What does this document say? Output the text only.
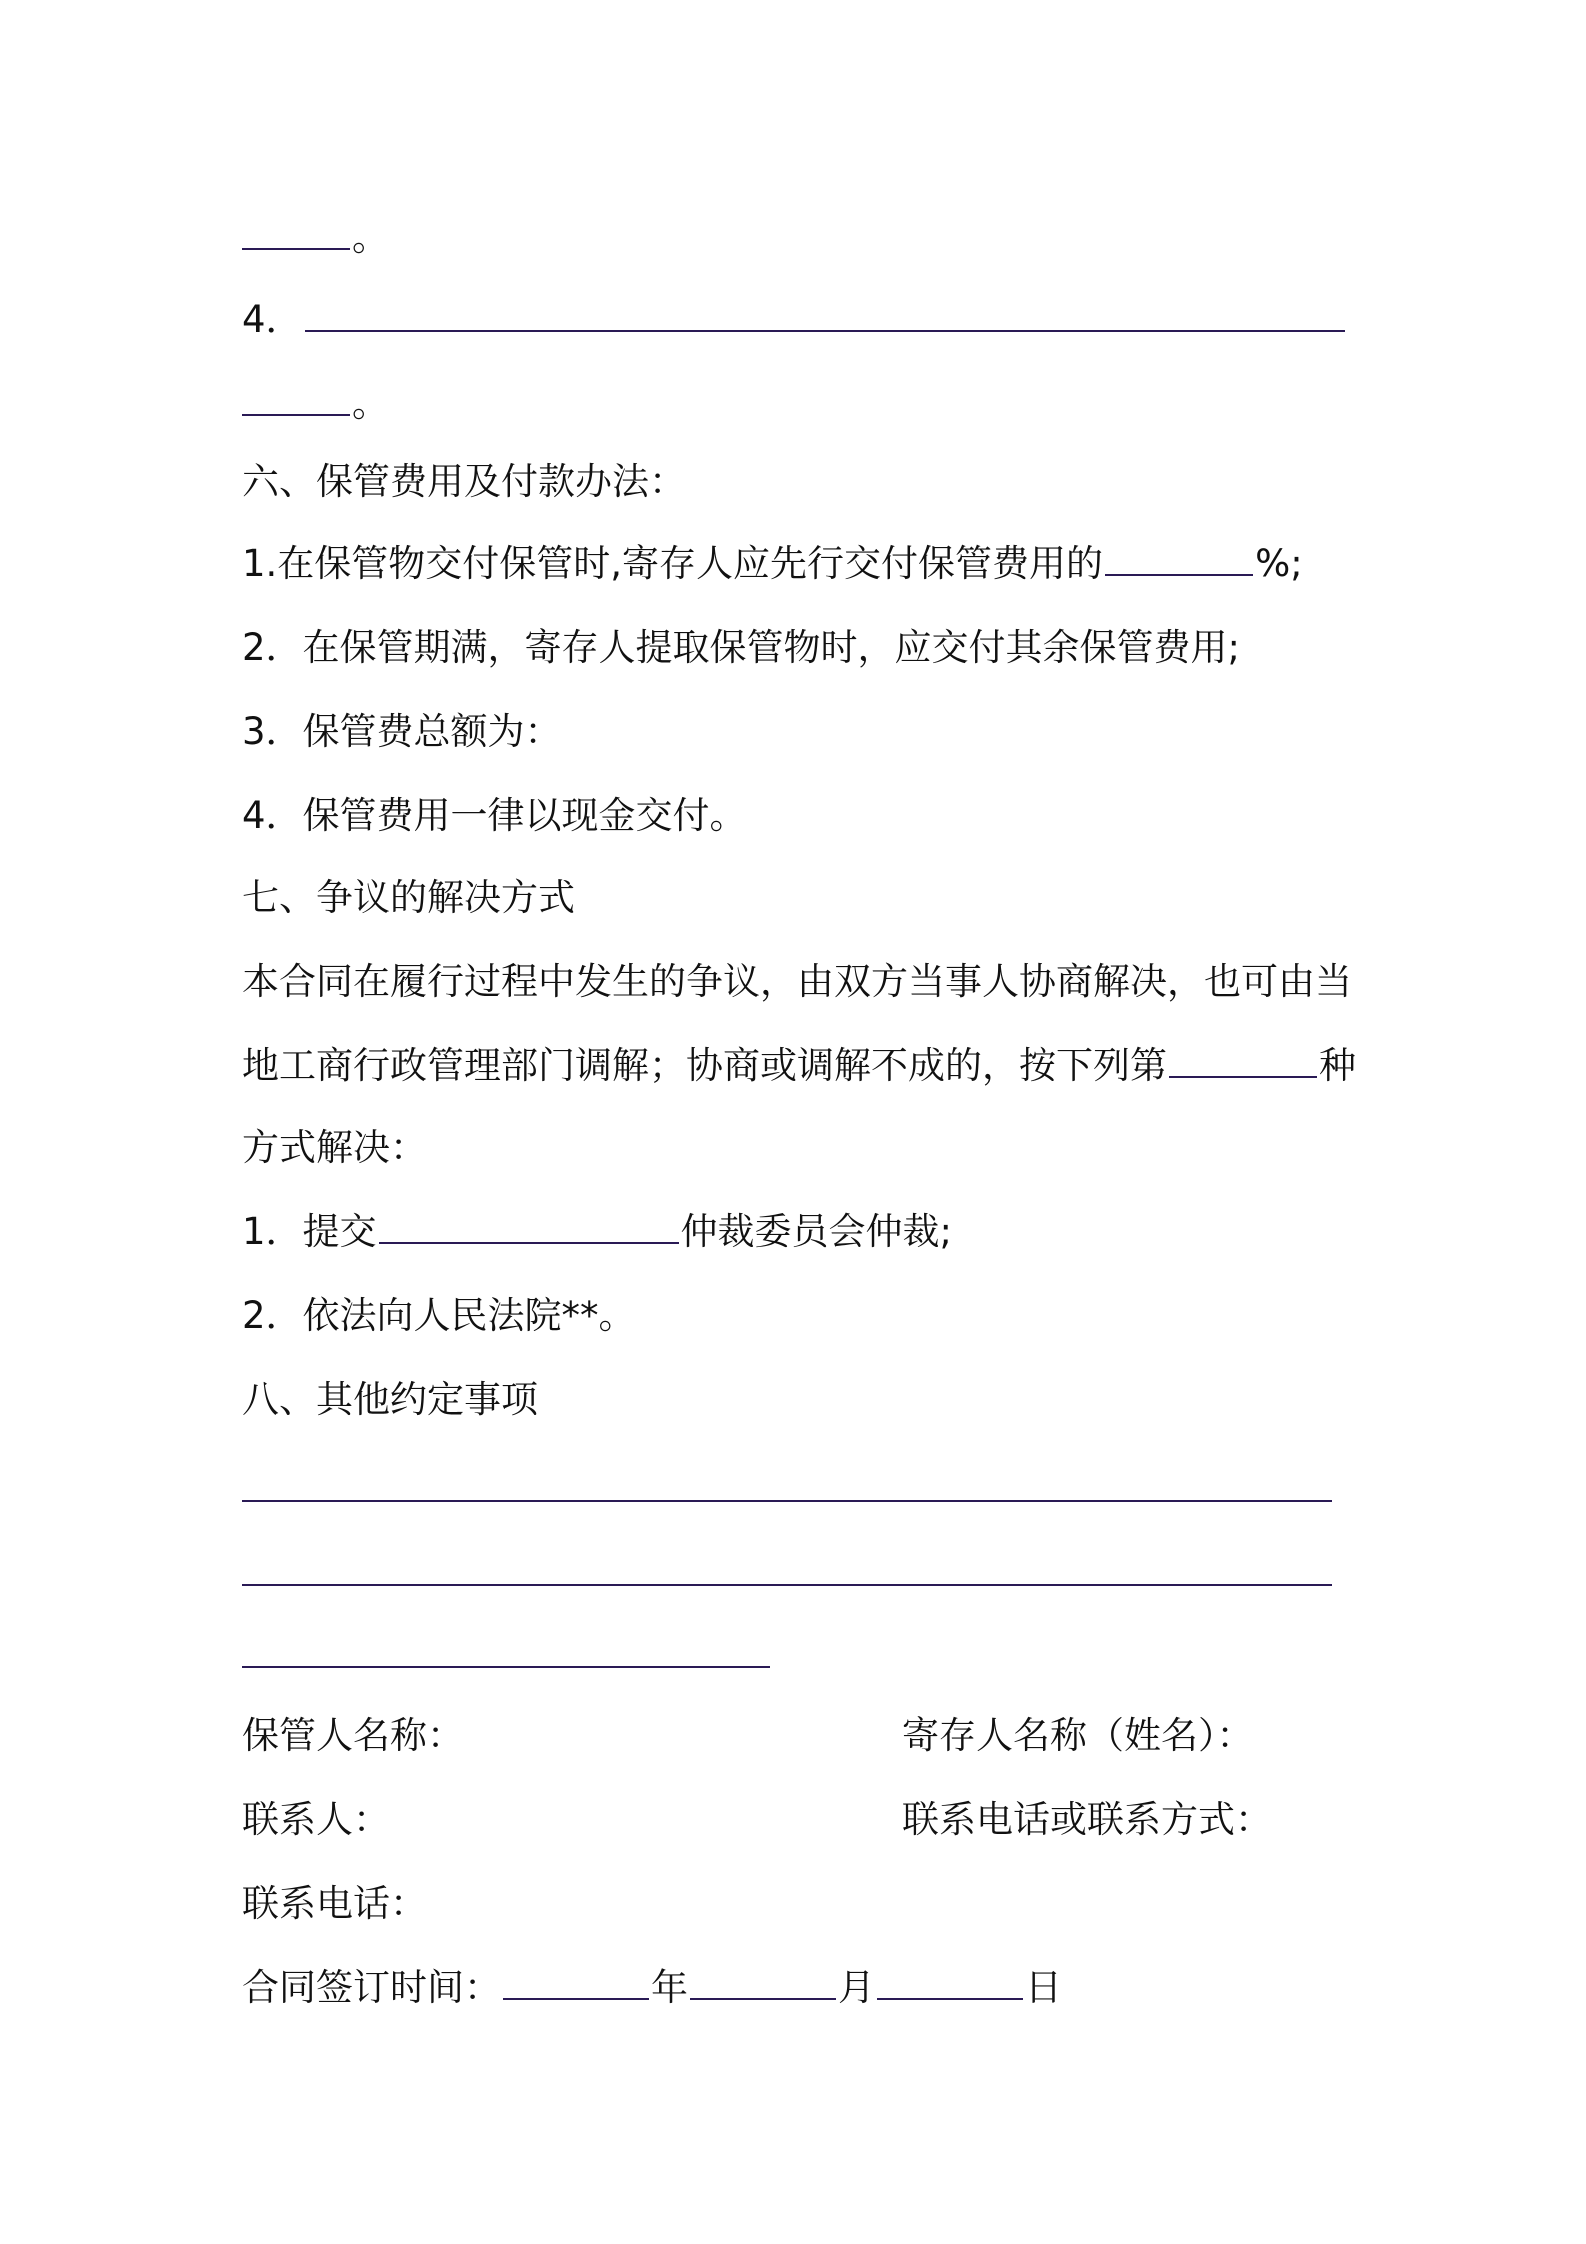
。
4．
。
六、保管费用及付款办法：
1.在保管物交付保管时,寄存人应先行交付保管费用的	%;
2．在保管期满，寄存人提取保管物时，应交付其余保管费用;
3．保管费总额为：
4．保管费用一律以现金交付。
七、争议的解决方式
本合同在履行过程中发生的争议，由双方当事人协商解决，也可由当
地工商行政管理部门调解；协商或调解不成的，按下列第	种
方式解决：
1．提交	仲裁委员会仲裁;
2．依法向人民法院**。
八、其他约定事项
保管人名称：	寄存人名称（姓名）：
联系人：	联系电话或联系方式：
联系电话：
合同签订时间：	年	月	日
